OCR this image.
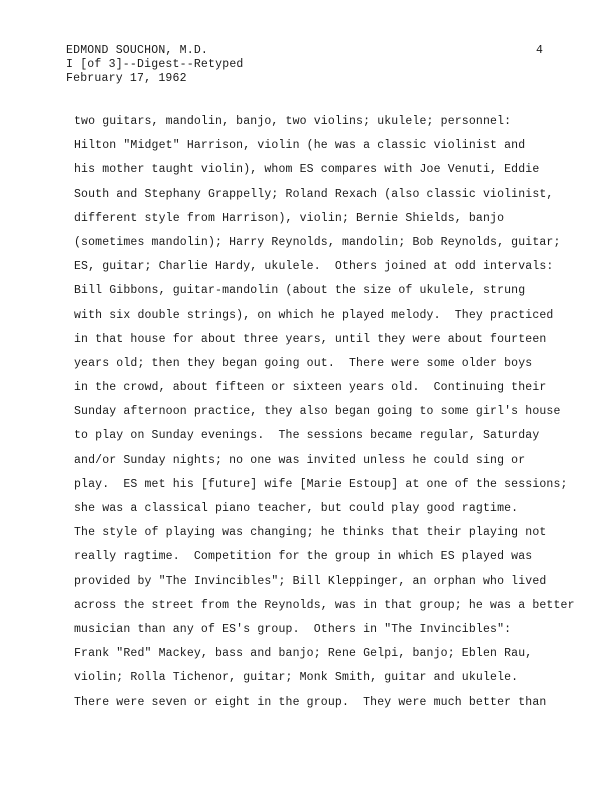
EDMOND SOUCHON, M.D.
I [of 3]--Digest--Retyped
February 17, 1962
4
two guitars, mandolin, banjo, two violins; ukulele; personnel:
Hilton "Midget" Harrison, violin (he was a classic violinist and
his mother taught violin), whom ES compares with Joe Venuti, Eddie
South and Stephany Grappelly; Roland Rexach (also classic violinist,
different style from Harrison), violin; Bernie Shields, banjo
(sometimes mandolin); Harry Reynolds, mandolin; Bob Reynolds, guitar;
ES, guitar; Charlie Hardy, ukulele.  Others joined at odd intervals:
Bill Gibbons, guitar-mandolin (about the size of ukulele, strung
with six double strings), on which he played melody.  They practiced
in that house for about three years, until they were about fourteen
years old; then they began going out.  There were some older boys
in the crowd, about fifteen or sixteen years old.  Continuing their
Sunday afternoon practice, they also began going to some girl's house
to play on Sunday evenings.  The sessions became regular, Saturday
and/or Sunday nights; no one was invited unless he could sing or
play.  ES met his [future] wife [Marie Estoup] at one of the sessions;
she was a classical piano teacher, but could play good ragtime.
The style of playing was changing; he thinks that their playing not
really ragtime.  Competition for the group in which ES played was
provided by "The Invincibles"; Bill Kleppinger, an orphan who lived
across the street from the Reynolds, was in that group; he was a better
musician than any of ES's group.  Others in "The Invincibles":
Frank "Red" Mackey, bass and banjo; Rene Gelpi, banjo; Eblen Rau,
violin; Rolla Tichenor, guitar; Monk Smith, guitar and ukulele.
There were seven or eight in the group.  They were much better than
